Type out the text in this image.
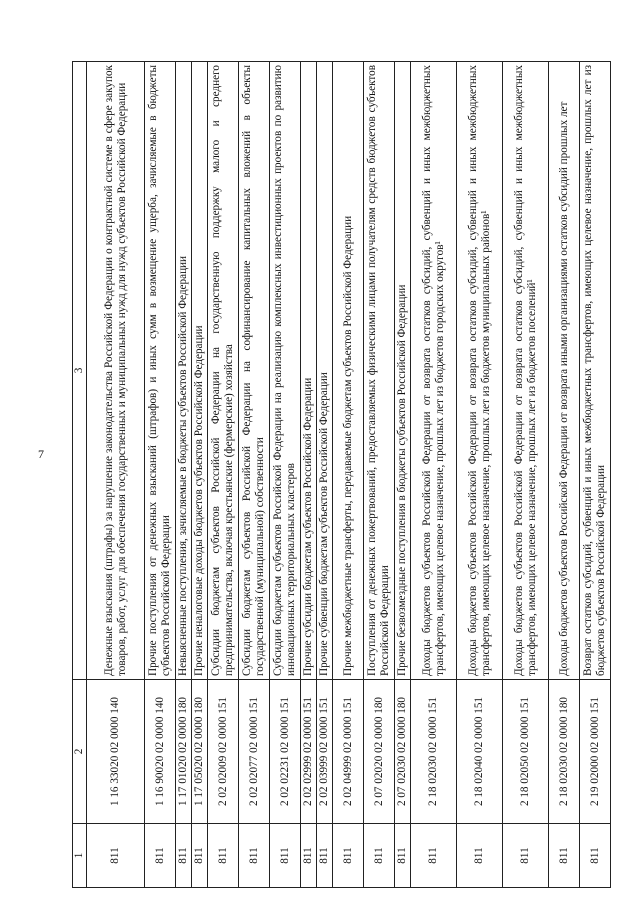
7
1	2	3
811	1 16 33020 02 0000 140	Денежные взыскания (штрафы) за нарушение законодательства Российской Федерации о контрактной системе в сфере закупок товаров, работ, услуг для обеспечения государственных и муниципальных нужд для нужд субъектов Российской Федерации
811	1 16 90020 02 0000 140	Прочие поступления от денежных взысканий (штрафов) и иных сумм в возмещение ущерба, зачисляемые в бюджеты субъектов Российской Федерации
811	1 17 01020 02 0000 180	Невыясненные поступления, зачисляемые в бюджеты субъектов Российской Федерации
811	1 17 05020 02 0000 180	Прочие неналоговые доходы бюджетов субъектов Российской Федерации
811	2 02 02009 02 0000 151	Субсидии бюджетам субъектов Российской Федерации на государственную поддержку малого и среднего предпринимательства, включая крестьянские (фермерские) хозяйства
811	2 02 02077 02 0000 151	Субсидии бюджетам субъектов Российской Федерации на софинансирование капитальных вложений в объекты государственной (муниципальной) собственности
811	2 02 02231 02 0000 151	Субсидии бюджетам субъектов Российской Федерации на реализацию комплексных инвестиционных проектов по развитию инновационных территориальных кластеров
811	2 02 02999 02 0000 151	Прочие субсидии бюджетам субъектов Российской Федерации
811	2 02 03999 02 0000 151	Прочие субвенции бюджетам субъектов Российской Федерации
811	2 02 04999 02 0000 151	Прочие межбюджетные трансферты, передаваемые бюджетам субъектов Российской Федерации
811	2 07 02020 02 0000 180	Поступления от денежных пожертвований, предоставляемых физическими лицами получателям средств бюджетов субъектов Российской Федерации
811	2 07 02030 02 0000 180	Прочие безвозмездные поступления в бюджеты субъектов Российской Федерации
811	2 18 02030 02 0000 151	Доходы бюджетов субъектов Российской Федерации от возврата остатков субсидий, субвенций и иных межбюджетных трансфертов, имеющих целевое назначение, прошлых лет из бюджетов городских округов¹
811	2 18 02040 02 0000 151	Доходы бюджетов субъектов Российской Федерации от возврата остатков субсидий, субвенций и иных межбюджетных трансфертов, имеющих целевое назначение, прошлых лет из бюджетов муниципальных районов¹
811	2 18 02050 02 0000 151	Доходы бюджетов субъектов Российской Федерации от возврата остатков субсидий, субвенций и иных межбюджетных трансфертов, имеющих целевое назначение, прошлых лет из бюджетов поселений¹
811	2 18 02030 02 0000 180	Доходы бюджетов субъектов Российской Федерации от возврата иными организациями остатков субсидий прошлых лет
811	2 19 02000 02 0000 151	Возврат остатков субсидий, субвенций и иных межбюджетных трансфертов, имеющих целевое назначение, прошлых лет из бюджетов субъектов Российской Федерации
